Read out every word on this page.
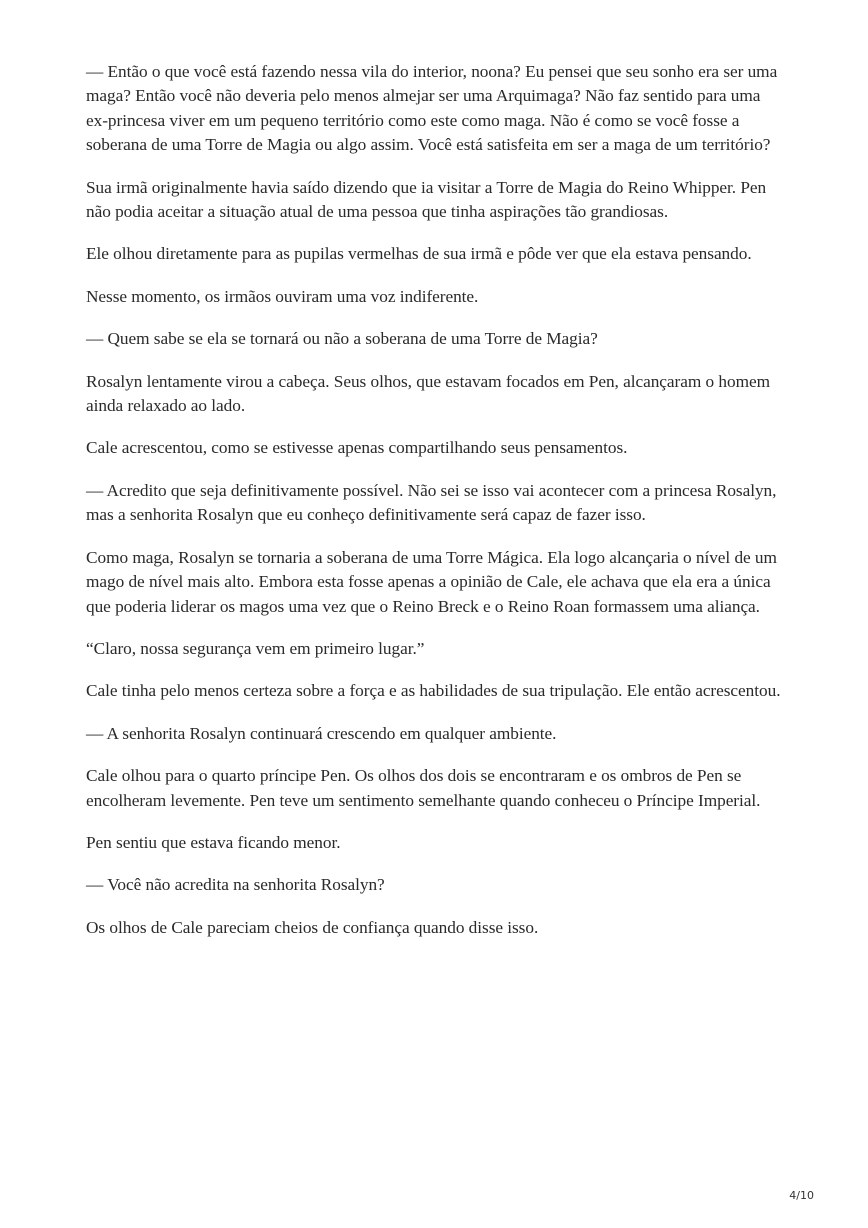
— Então o que você está fazendo nessa vila do interior, noona? Eu pensei que seu sonho era ser uma maga? Então você não deveria pelo menos almejar ser uma Arquimaga? Não faz sentido para uma ex-princesa viver em um pequeno território como este como maga. Não é como se você fosse a soberana de uma Torre de Magia ou algo assim. Você está satisfeita em ser a maga de um território?

Sua irmã originalmente havia saído dizendo que ia visitar a Torre de Magia do Reino Whipper. Pen não podia aceitar a situação atual de uma pessoa que tinha aspirações tão grandiosas.

Ele olhou diretamente para as pupilas vermelhas de sua irmã e pôde ver que ela estava pensando.

Nesse momento, os irmãos ouviram uma voz indiferente.

— Quem sabe se ela se tornará ou não a soberana de uma Torre de Magia?

Rosalyn lentamente virou a cabeça. Seus olhos, que estavam focados em Pen, alcançaram o homem ainda relaxado ao lado.

Cale acrescentou, como se estivesse apenas compartilhando seus pensamentos.

— Acredito que seja definitivamente possível. Não sei se isso vai acontecer com a princesa Rosalyn, mas a senhorita Rosalyn que eu conheço definitivamente será capaz de fazer isso.

Como maga, Rosalyn se tornaria a soberana de uma Torre Mágica. Ela logo alcançaria o nível de um mago de nível mais alto. Embora esta fosse apenas a opinião de Cale, ele achava que ela era a única que poderia liderar os magos uma vez que o Reino Breck e o Reino Roan formassem uma aliança.

“Claro, nossa segurança vem em primeiro lugar.”

Cale tinha pelo menos certeza sobre a força e as habilidades de sua tripulação. Ele então acrescentou.

— A senhorita Rosalyn continuará crescendo em qualquer ambiente.

Cale olhou para o quarto príncipe Pen. Os olhos dos dois se encontraram e os ombros de Pen se encolheram levemente. Pen teve um sentimento semelhante quando conheceu o Príncipe Imperial.

Pen sentiu que estava ficando menor.

— Você não acredita na senhorita Rosalyn?

Os olhos de Cale pareciam cheios de confiança quando disse isso.

4/10
